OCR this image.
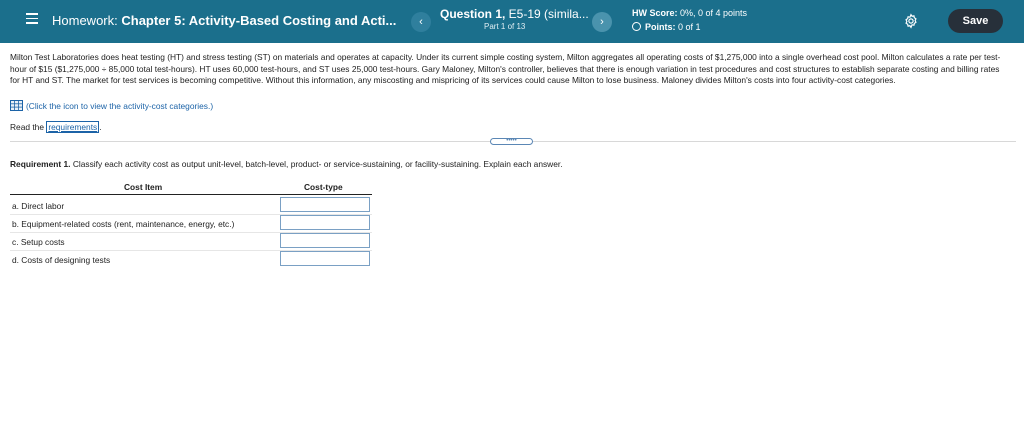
Homework: Chapter 5: Activity-Based Costing and Acti...	‹
Question 1, E5-19 (simila...
Part 1 of 13	›
HW Score: 0%, 0 of 4 points
Points: 0 of 1	Save
Milton Test Laboratories does heat testing (HT) and stress testing (ST) on materials and operates at capacity. Under its current simple costing system, Milton aggregates all operating costs of $1,275,000 into a single overhead cost pool. Milton calculates a rate per test-hour of $15 ($1,275,000 ÷ 85,000 total test-hours). HT uses 60,000 test-hours, and ST uses 25,000 test-hours. Gary Maloney, Milton's controller, believes that there is enough variation in test procedures and cost structures to establish separate costing and billing rates for HT and ST. The market for test services is becoming competitive. Without this information, any miscosting and mispricing of its services could cause Milton to lose business. Maloney divides Milton's costs into four activity-cost categories.
(Click the icon to view the activity-cost categories.)
Read the requirements .
•••••
Requirement 1. Classify each activity cost as output unit-level, batch-level, product- or service-sustaining, or facility-sustaining. Explain each answer.
Cost Item	Cost-type
a. Direct labor
b. Equipment-related costs (rent, maintenance, energy, etc.)
c. Setup costs
d. Costs of designing tests
